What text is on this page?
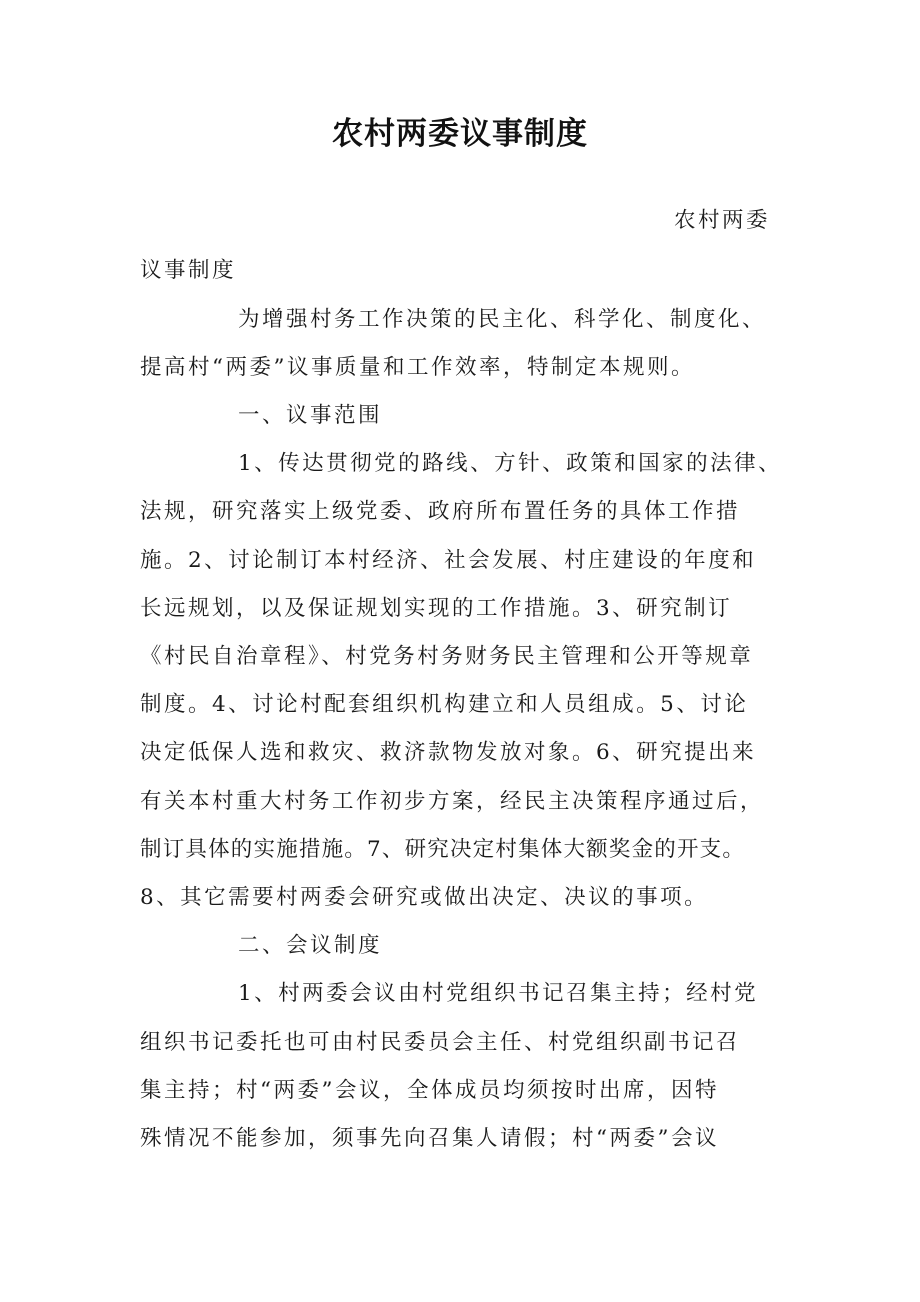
农村两委议事制度
农村两委
议事制度
为增强村务工作决策的民主化、科学化、制度化、
提高村“两委”议事质量和工作效率，特制定本规则。
一、议事范围
1、传达贯彻党的路线、方针、政策和国家的法律、
法规，研究落实上级党委、政府所布置任务的具体工作措
施。2、讨论制订本村经济、社会发展、村庄建设的年度和
长远规划，以及保证规划实现的工作措施。3、研究制订
《村民自治章程》、村党务村务财务民主管理和公开等规章
制度。4、讨论村配套组织机构建立和人员组成。5、讨论
决定低保人选和救灾、救济款物发放对象。6、研究提出来
有关本村重大村务工作初步方案，经民主决策程序通过后，
制订具体的实施措施。7、研究决定村集体大额奖金的开支。
8、其它需要村两委会研究或做出决定、决议的事项。
二、会议制度
1、村两委会议由村党组织书记召集主持；经村党
组织书记委托也可由村民委员会主任、村党组织副书记召
集主持；村“两委”会议，全体成员均须按时出席，因特
殊情况不能参加，须事先向召集人请假；村“两委”会议
